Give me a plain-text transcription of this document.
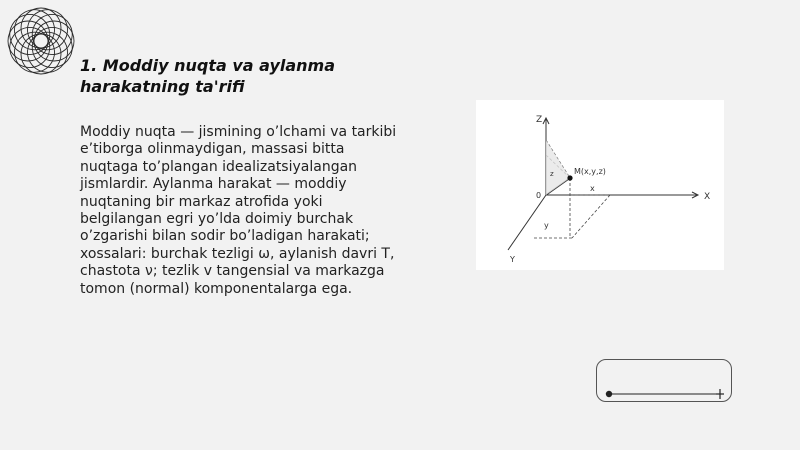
1. Moddiy nuqta va aylanma
harakatning ta'rifi

Moddiy nuqta — jismining o’lchami va tarkibi e’tiborga olinmaydigan, massasi bitta nuqtaga to’plangan idealizatsiyalangan jismlardir. Aylanma harakat — moddiy nuqtaning bir markaz atrofida yoki belgilangan egri yo’lda doimiy burchak o’zgarishi bilan sodir bo’ladigan harakati; xossalari: burchak tezligi ω, aylanish davri T, chastota ν; tezlik v tangensial va markazga tomon (normal) komponentalarga ega.

Z
X
Y
0
M(x,y,z)
x
y
z
